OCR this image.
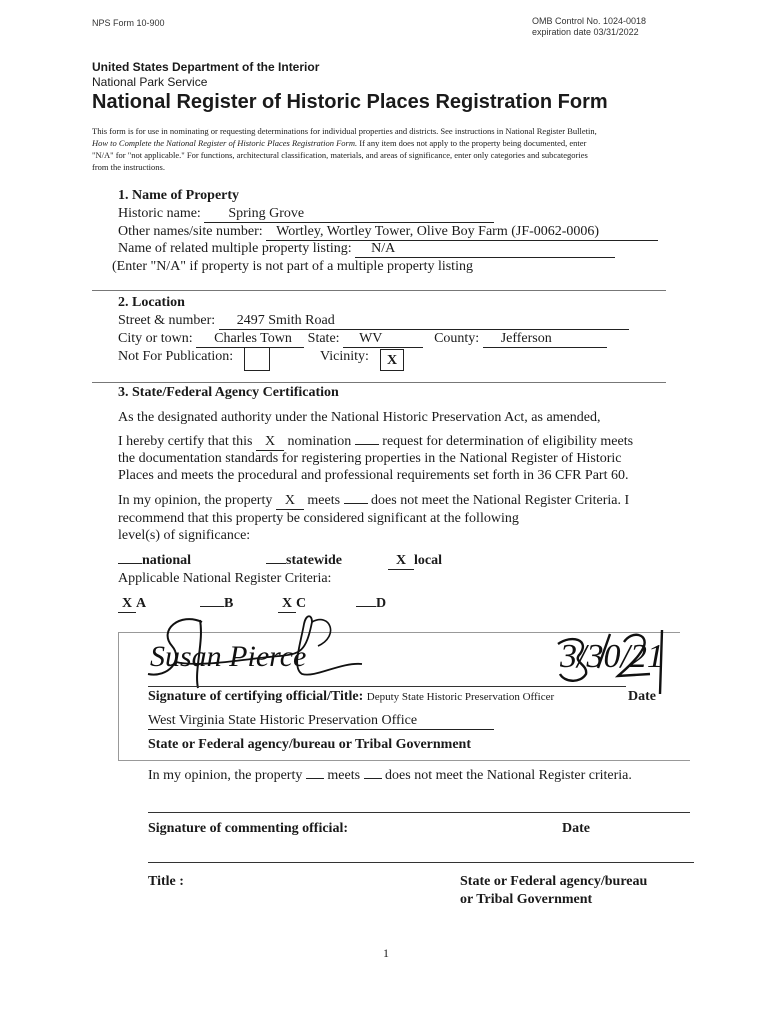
NPS Form 10-900	OMB Control No. 1024-0018
expiration date 03/31/2022
United States Department of the Interior
National Park Service
National Register of Historic Places Registration Form
This form is for use in nominating or requesting determinations for individual properties and districts. See instructions in National Register Bulletin,
How to Complete the National Register of Historic Places Registration Form. If any item does not apply to the property being documented, enter
"N/A" for "not applicable." For functions, architectural classification, materials, and areas of significance, enter only categories and subcategories
from the instructions.
1. Name of Property
Historic name: Spring Grove
Other names/site number: Wortley, Wortley Tower, Olive Boy Farm (JF-0062-0006)
Name of related multiple property listing: N/A
(Enter "N/A" if property is not part of a multiple property listing
2. Location
Street & number: 2497 Smith Road
City or town: Charles Town State: WV	County: Jefferson
Not For Publication:	Vicinity:	X
3. State/Federal Agency Certification
As the designated authority under the National Historic Preservation Act, as amended,
I hereby certify that this X nomination request for determination of eligibility meets
the documentation standards for registering properties in the National Register of Historic
Places and meets the procedural and professional requirements set forth in 36 CFR Part 60.
In my opinion, the property X meets does not meet the National Register Criteria. I
recommend that this property be considered significant at the following
level(s) of significance:
national	statewide	X local
Applicable National Register Criteria:
X A	B	X C	D
Susan Pierce	3/30/21
Signature of certifying official/Title: Deputy State Historic Preservation Officer	Date
West Virginia State Historic Preservation Office
State or Federal agency/bureau or Tribal Government
In my opinion, the property meets does not meet the National Register criteria.
Signature of commenting official:	Date
Title :	State or Federal agency/bureau
or Tribal Government
1
